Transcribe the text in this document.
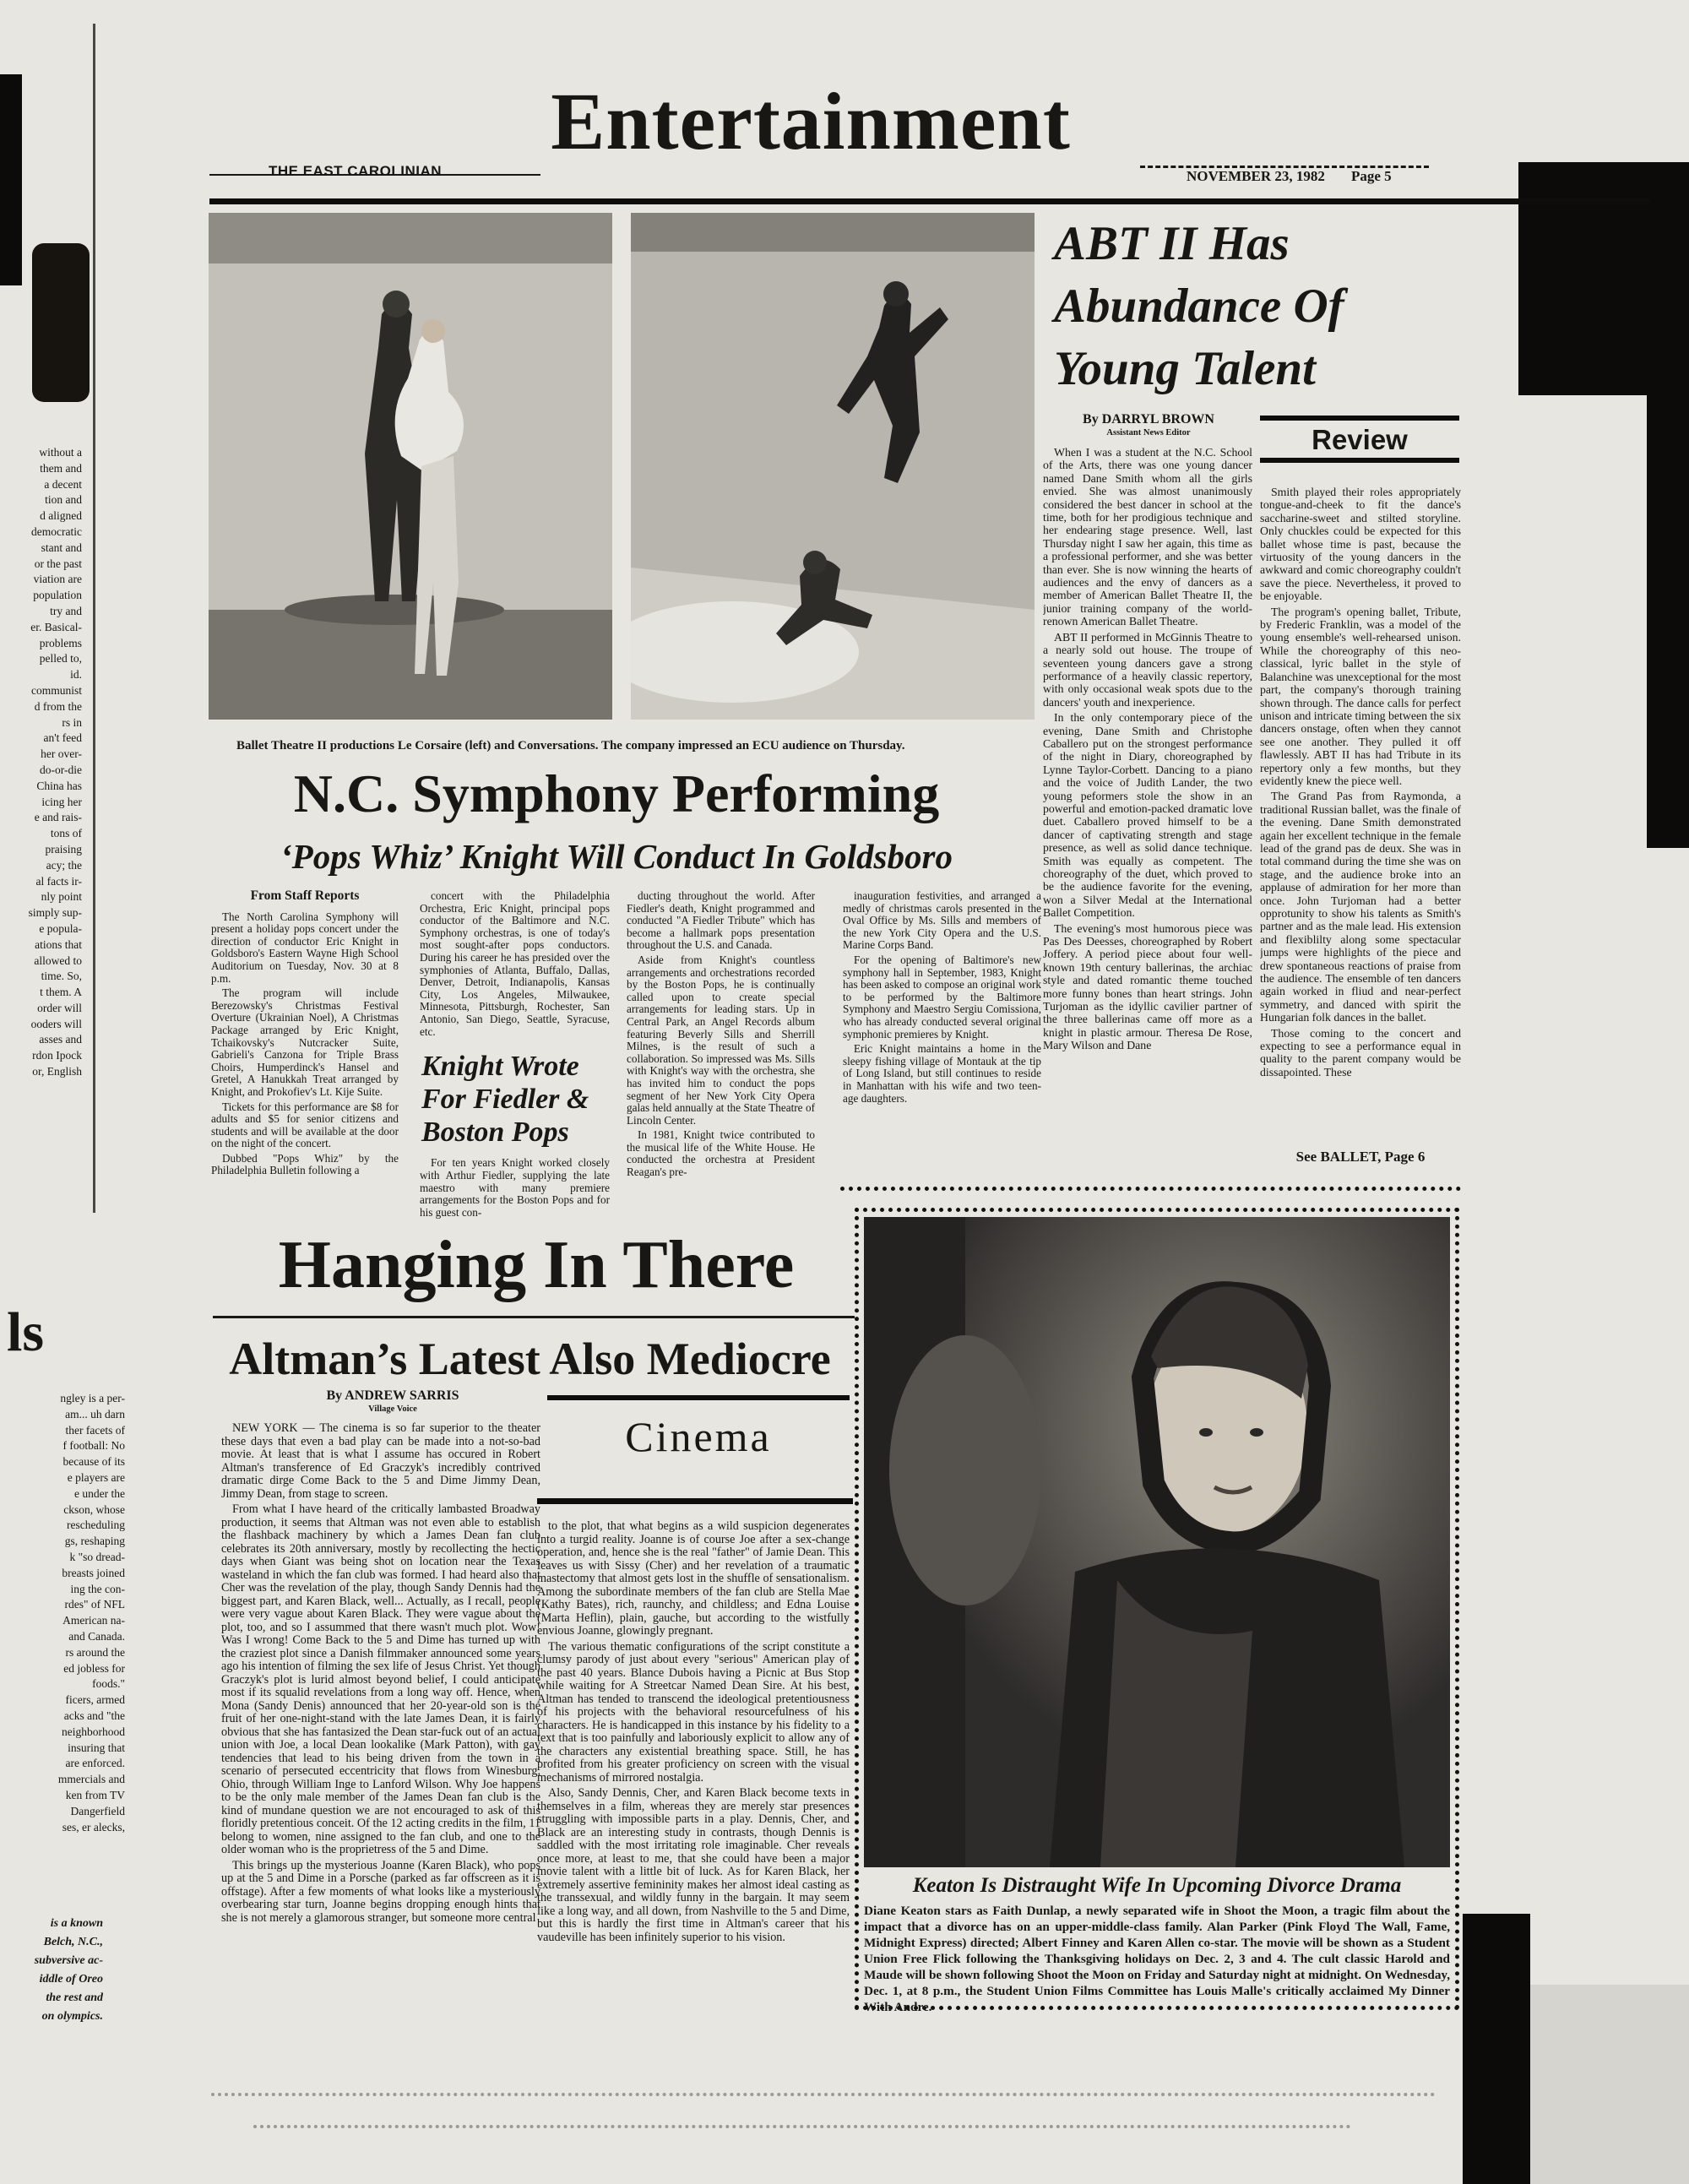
without a

them and

a decent

tion and

d aligned

democratic

stant and

or the past

viation are

population

try and

er. Basical-

problems

pelled to,

id.

communist

d from the

rs in

an't feed

her over-

do-or-die

China has

icing her

e and rais-

tons of

praising

acy; the

al facts ir-

nly point

simply sup-

e popula-

ations that

allowed to

time. So,

t them. A

order will

ooders will

asses and

rdon Ipock

or, English

ls

ngley is a per-

am... uh darn

ther facets of

f football: No

because of its

e players are

e under the

ckson, whose

rescheduling

gs, reshaping

k "so dread-

breasts joined

ing the con-

rdes" of NFL

American na-

and Canada.

rs around the

ed jobless for

foods."

ficers, armed

acks and "the

neighborhood

insuring that

are enforced.

mmercials and

ken from TV

Dangerfield

ses, er alecks,

is a known

Belch, N.C.,

subversive ac-

iddle of Oreo

the rest and

on olympics.

THE EAST CAROLINIAN
Entertainment
NOVEMBER 23, 1982 Page 5

Ballet Theatre II productions Le Corsaire (left) and Conversations. The company impressed an ECU audience on Thursday.

ABT II Has Abundance Of Young Talent
By DARRYL BROWN
Assistant News Editor	Review

When I was a student at the N.C. School of the Arts, there was one young dancer named Dane Smith whom all the girls envied. She was almost unanimously considered the best dancer in school at the time, both for her prodigious technique and her endearing stage presence. Well, last Thursday night I saw her again, this time as a professional performer, and she was better than ever. She is now winning the hearts of audiences and the envy of dancers as a member of American Ballet Theatre II, the junior training company of the world-renown American Ballet Theatre.

ABT II performed in McGinnis Theatre to a nearly sold out house. The troupe of seventeen young dancers gave a strong performance of a heavily classic repertory, with only occasional weak spots due to the dancers' youth and inexperience.

In the only contemporary piece of the evening, Dane Smith and Christophe Caballero put on the strongest performance of the night in Diary, choreographed by Lynne Taylor-Corbett. Dancing to a piano and the voice of Judith Lander, the two young peformers stole the show in an powerful and emotion-packed dramatic love duet. Caballero proved himself to be a dancer of captivating strength and stage presence, as well as solid dance technique. Smith was equally as competent. The choreography of the duet, which proved to be the audience favorite for the evening, won a Silver Medal at the International Ballet Competition.

The evening's most humorous piece was Pas Des Deesses, choreographed by Robert Joffery. A period piece about four well-known 19th century ballerinas, the archiac style and dated romantic theme touched more funny bones than heart strings. John Turjoman as the idyllic cavilier partner of the three ballerinas came off more as a knight in plastic armour. Theresa De Rose, Mary Wilson and Dane

Smith played their roles appropriately tongue-and-cheek to fit the dance's saccharine-sweet and stilted storyline. Only chuckles could be expected for this ballet whose time is past, because the virtuosity of the young dancers in the awkward and comic choreography couldn't save the piece. Nevertheless, it proved to be enjoyable.

The program's opening ballet, Tribute, by Frederic Franklin, was a model of the young ensemble's well-rehearsed unison. While the choreography of this neo-classical, lyric ballet in the style of Balanchine was unexceptional for the most part, the company's thorough training shown through. The dance calls for perfect unison and intricate timing between the six dancers onstage, often when they cannot see one another. They pulled it off flawlessly. ABT II has had Tribute in its repertory only a few months, but they evidently knew the piece well.

The Grand Pas from Raymonda, a traditional Russian ballet, was the finale of the evening. Dane Smith demonstrated again her excellent technique in the female lead of the grand pas de deux. She was in total command during the time she was on stage, and the audience broke into an applause of admiration for her more than once. John Turjoman had a better opprotunity to show his talents as Smith's partner and as the male lead. His extension and flexiblilty along some spectacular jumps were highlights of the piece and drew spontaneous reactions of praise from the audience. The ensemble of ten dancers again worked in fliud and near-perfect symmetry, and danced with spirit the Hungarian folk dances in the ballet.

Those coming to the concert and expecting to see a performance equal in quality to the parent company would be dissapointed. These

See BALLET, Page 6

N.C. Symphony Performing
‘Pops Whiz’ Knight Will Conduct In Goldsboro

From Staff Reports

The North Carolina Symphony will present a holiday pops concert under the direction of conductor Eric Knight in Goldsboro's Eastern Wayne High School Auditorium on Tuesday, Nov. 30 at 8 p.m.

The program will include Berezowsky's Christmas Festival Overture (Ukrainian Noel), A Christmas Package arranged by Eric Knight, Tchaikovsky's Nutcracker Suite, Gabrieli's Canzona for Triple Brass Choirs, Humperdinck's Hansel and Gretel, A Hanukkah Treat arranged by Knight, and Prokofiev's Lt. Kije Suite.

Tickets for this performance are $8 for adults and $5 for senior citizens and students and will be available at the door on the night of the concert.

Dubbed "Pops Whiz" by the Philadelphia Bulletin following a

concert with the Philadelphia Orchestra, Eric Knight, principal pops conductor of the Baltimore and N.C. Symphony orchestras, is one of today's most sought-after pops conductors. During his career he has presided over the symphonies of Atlanta, Buffalo, Dallas, Denver, Detroit, Indianapolis, Kansas City, Los Angeles, Milwaukee, Minnesota, Pittsburgh, Rochester, San Antonio, San Diego, Seattle, Syracuse, etc.

Knight Wrote For Fiedler & Boston Pops

For ten years Knight worked closely with Arthur Fiedler, supplying the late maestro with many premiere arrangements for the Boston Pops and for his guest con-

ducting throughout the world. After Fiedler's death, Knight programmed and conducted "A Fiedler Tribute" which has become a hallmark pops presentation throughout the U.S. and Canada.

Aside from Knight's countless arrangements and orchestrations recorded by the Boston Pops, he is continually called upon to create special arrangements for leading stars. Up in Central Park, an Angel Records album featuring Beverly Sills and Sherrill Milnes, is the result of such a collaboration. So impressed was Ms. Sills with Knight's way with the orchestra, she has invited him to conduct the pops segment of her New York City Opera galas held annually at the State Theatre of Lincoln Center.

In 1981, Knight twice contributed to the musical life of the White House. He conducted the orchestra at President Reagan's pre-

inauguration festivities, and arranged a medly of christmas carols presented in the Oval Office by Ms. Sills and members of the new York City Opera and the U.S. Marine Corps Band.

For the opening of Baltimore's new symphony hall in September, 1983, Knight has been asked to compose an original work to be performed by the Baltimore Symphony and Maestro Sergiu Comissiona, who has already conducted several original symphonic premieres by Knight.

Eric Knight maintains a home in the sleepy fishing village of Montauk at the tip of Long Island, but still continues to reside in Manhattan with his wife and two teen-age daughters.

Hanging In There
Altman’s Latest Also Mediocre
By ANDREW SARRIS
Village Voice
Cinema

NEW YORK — The cinema is so far superior to the theater these days that even a bad play can be made into a not-so-bad movie. At least that is what I assume has occured in Robert Altman's transference of Ed Graczyk's incredibly contrived dramatic dirge Come Back to the 5 and Dime Jimmy Dean, Jimmy Dean, from stage to screen.

From what I have heard of the critically lambasted Broadway production, it seems that Altman was not even able to establish the flashback machinery by which a James Dean fan club celebrates its 20th anniversary, mostly by recollecting the hectic days when Giant was being shot on location near the Texas wasteland in which the fan club was formed. I had heard also that Cher was the revelation of the play, though Sandy Dennis had the biggest part, and Karen Black, well... Actually, as I recall, people were very vague about Karen Black. They were vague about the plot, too, and so I assummed that there wasn't much plot. Wow! Was I wrong! Come Back to the 5 and Dime has turned up with the craziest plot since a Danish filmmaker announced some years ago his intention of filming the sex life of Jesus Christ. Yet though Graczyk's plot is lurid almost beyond belief, I could anticipate most if its squalid revelations from a long way off. Hence, when Mona (Sandy Denis) announced that her 20-year-old son is the fruit of her one-night-stand with the late James Dean, it is fairly obvious that she has fantasized the Dean star-fuck out of an actual union with Joe, a local Dean lookalike (Mark Patton), with gay tendencies that lead to his being driven from the town in a scenario of persecuted eccentricity that flows from Winesburg, Ohio, through William Inge to Lanford Wilson. Why Joe happens to be the only male member of the James Dean fan club is the kind of mundane question we are not encouraged to ask of this floridly pretentious conceit. Of the 12 acting credits in the film, 11 belong to women, nine assigned to the fan club, and one to the older woman who is the proprietress of the 5 and Dime.

This brings up the mysterious Joanne (Karen Black), who pops up at the 5 and Dime in a Porsche (parked as far offscreen as it is offstage). After a few moments of what looks like a mysteriously overbearing star turn, Joanne begins dropping enough hints that she is not merely a glamorous stranger, but someone more central

to the plot, that what begins as a wild suspicion degenerates into a turgid reality. Joanne is of course Joe after a sex-change operation, and, hence she is the real "father" of Jamie Dean. This leaves us with Sissy (Cher) and her revelation of a traumatic mastectomy that almost gets lost in the shuffle of sensationalism. Among the subordinate members of the fan club are Stella Mae (Kathy Bates), rich, raunchy, and childless; and Edna Louise (Marta Heflin), plain, gauche, but according to the wistfully envious Joanne, glowingly pregnant.

The various thematic configurations of the script constitute a clumsy parody of just about every "serious" American play of the past 40 years. Blance Dubois having a Picnic at Bus Stop while waiting for A Streetcar Named Dean Sire. At his best, Altman has tended to transcend the ideological pretentiousness of his projects with the behavioral resourcefulness of his characters. He is handicapped in this instance by his fidelity to a text that is too painfully and laboriously explicit to allow any of the characters any existential breathing space. Still, he has profited from his greater proficiency on screen with the visual mechanisms of mirrored nostalgia.

Also, Sandy Dennis, Cher, and Karen Black become texts in themselves in a film, whereas they are merely star presences struggling with impossible parts in a play. Dennis, Cher, and Black are an interesting study in contrasts, though Dennis is saddled with the most irritating role imaginable. Cher reveals once more, at least to me, that she could have been a major movie talent with a little bit of luck. As for Karen Black, her extremely assertive femininity makes her almost ideal casting as the transsexual, and wildly funny in the bargain. It may seem like a long way, and all down, from Nashville to the 5 and Dime, but this is hardly the first time in Altman's career that his vaudeville has been infinitely superior to his vision.

Keaton Is Distraught Wife In Upcoming Divorce Drama

Diane Keaton stars as Faith Dunlap, a newly separated wife in Shoot the Moon, a tragic film about the impact that a divorce has on an upper-middle-class family. Alan Parker (Pink Floyd The Wall, Fame, Midnight Express) directed; Albert Finney and Karen Allen co-star. The movie will be shown as a Student Union Free Flick following the Thanksgiving holidays on Dec. 2, 3 and 4. The cult classic Harold and Maude will be shown following Shoot the Moon on Friday and Saturday night at midnight. On Wednesday, Dec. 1, at 8 p.m., the Student Union Films Committee has Louis Malle's critically acclaimed My Dinner With Andre.
